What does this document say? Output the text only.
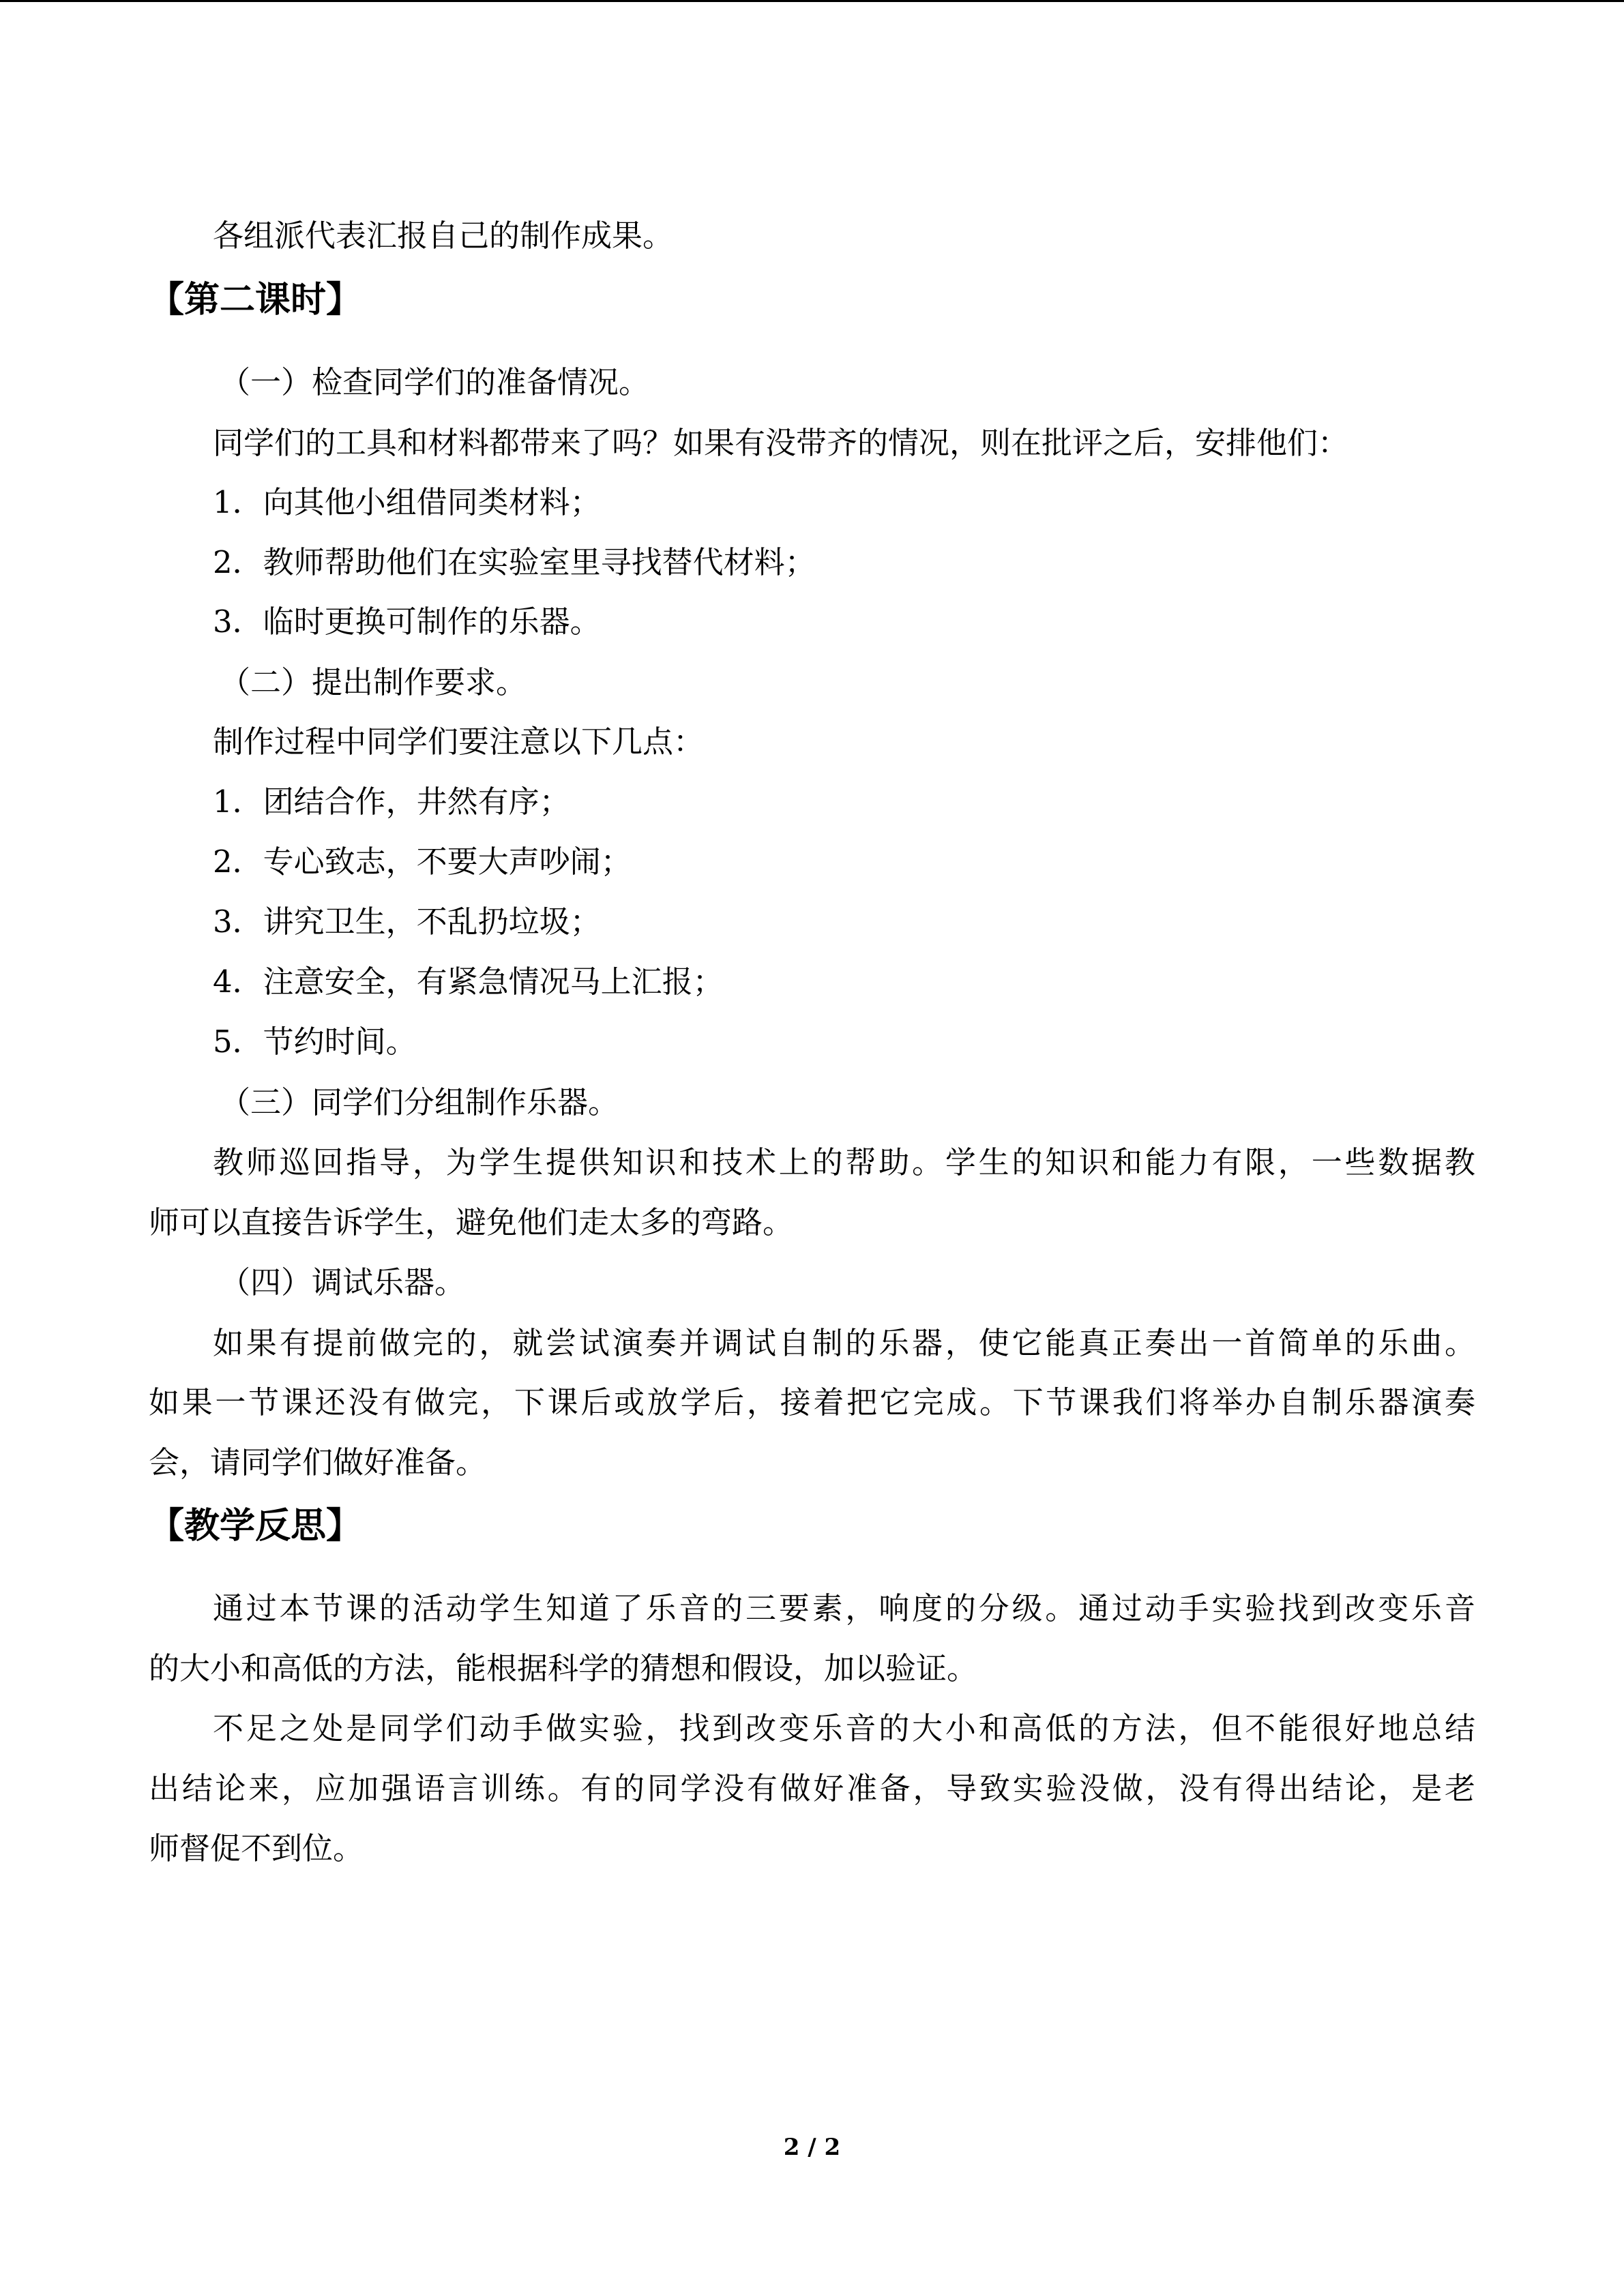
各组派代表汇报自己的制作成果。
【第二课时】
（一）检查同学们的准备情况。
同学们的工具和材料都带来了吗？如果有没带齐的情况，则在批评之后，安排他们：
1．向其他小组借同类材料；
2．教师帮助他们在实验室里寻找替代材料；
3．临时更换可制作的乐器。
（二）提出制作要求。
制作过程中同学们要注意以下几点：
1．团结合作，井然有序；
2．专心致志，不要大声吵闹；
3．讲究卫生，不乱扔垃圾；
4．注意安全，有紧急情况马上汇报；
5．节约时间。
（三）同学们分组制作乐器。
教师巡回指导，为学生提供知识和技术上的帮助。学生的知识和能力有限，一些数据教
师可以直接告诉学生，避免他们走太多的弯路。
（四）调试乐器。
如果有提前做完的，就尝试演奏并调试自制的乐器，使它能真正奏出一首简单的乐曲。
如果一节课还没有做完，下课后或放学后，接着把它完成。下节课我们将举办自制乐器演奏
会，请同学们做好准备。
【教学反思】
通过本节课的活动学生知道了乐音的三要素，响度的分级。通过动手实验找到改变乐音
的大小和高低的方法，能根据科学的猜想和假设，加以验证。
不足之处是同学们动手做实验，找到改变乐音的大小和高低的方法，但不能很好地总结
出结论来，应加强语言训练。有的同学没有做好准备，导致实验没做，没有得出结论，是老
师督促不到位。
2 / 2
